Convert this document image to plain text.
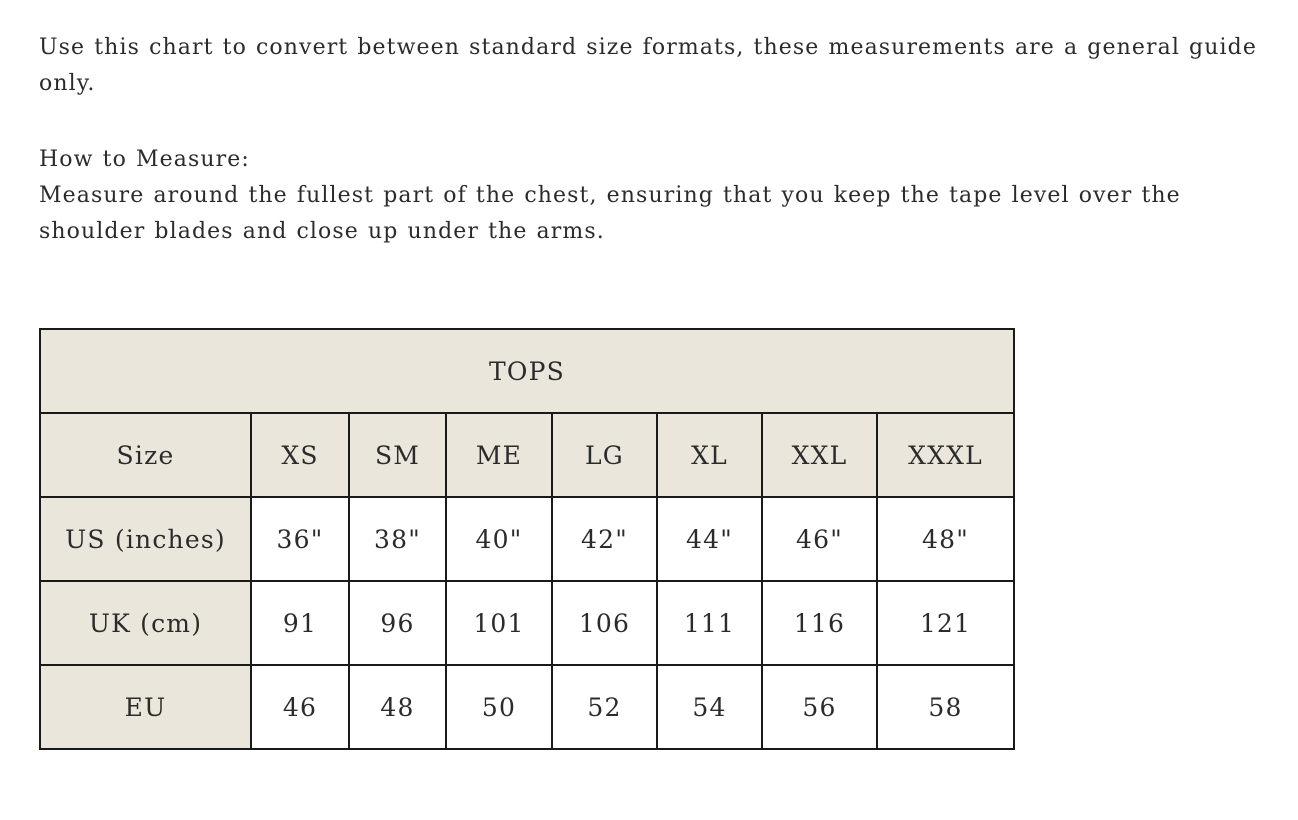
Use this chart to convert between standard size formats, these measurements are a general guide only.

How to Measure:

Measure around the fullest part of the chest, ensuring that you keep the tape level over the shoulder blades and close up under the arms.

TOPS							
Size	XS	SM	ME	LG	XL	XXL	XXXL
US (inches)	36"	38"	40"	42"	44"	46"	48"
UK (cm)	91	96	101	106	111	116	121
EU	46	48	50	52	54	56	58
